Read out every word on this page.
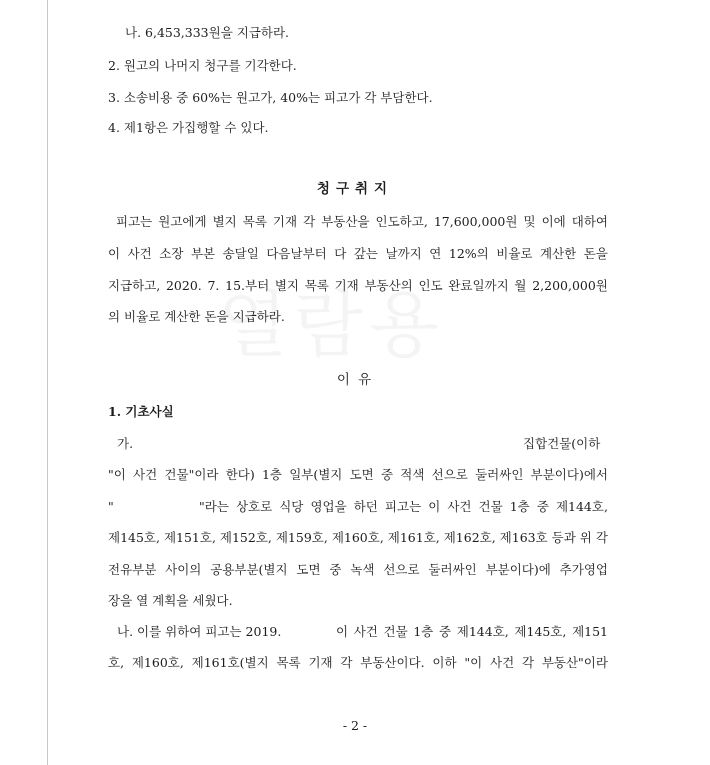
나. 6,453,333원을 지급하라.
2. 원고의 나머지 청구를 기각한다.
3. 소송비용 중 60%는 원고가, 40%는 피고가 각 부담한다.
4. 제1항은 가집행할 수 있다.
청구취지
피고는 원고에게 별지 목록 기재 각 부동산을 인도하고, 17,600,000원 및 이에 대하여
이 사건 소장 부본 송달일 다음날부터 다 갚는 날까지 연 12%의 비율로 계산한 돈을
지급하고, 2020. 7. 15.부터 별지 목록 기재 부동산의 인도 완료일까지 월 2,200,000원
의 비율로 계산한 돈을 지급하라.
이 유
1. 기초사실
가.	집합건물(이하
"이 사건 건물"이라 한다) 1층 일부(별지 도면 중 적색 선으로 둘러싸인 부분이다)에서
"	"라는 상호로 식당 영업을 하던 피고는 이 사건 건물 1층 중 제144호,
제145호, 제151호, 제152호, 제159호, 제160호, 제161호, 제162호, 제163호 등과 위 각
전유부분 사이의 공용부분(별지 도면 중 녹색 선으로 둘러싸인 부분이다)에 추가영업
장을 열 계획을 세웠다.
나. 이를 위하여 피고는 2019.	이 사건 건물 1층 중 제144호, 제145호, 제151
호, 제160호, 제161호(별지 목록 기재 각 부동산이다. 이하 "이 사건 각 부동산"이라
- 2 -
